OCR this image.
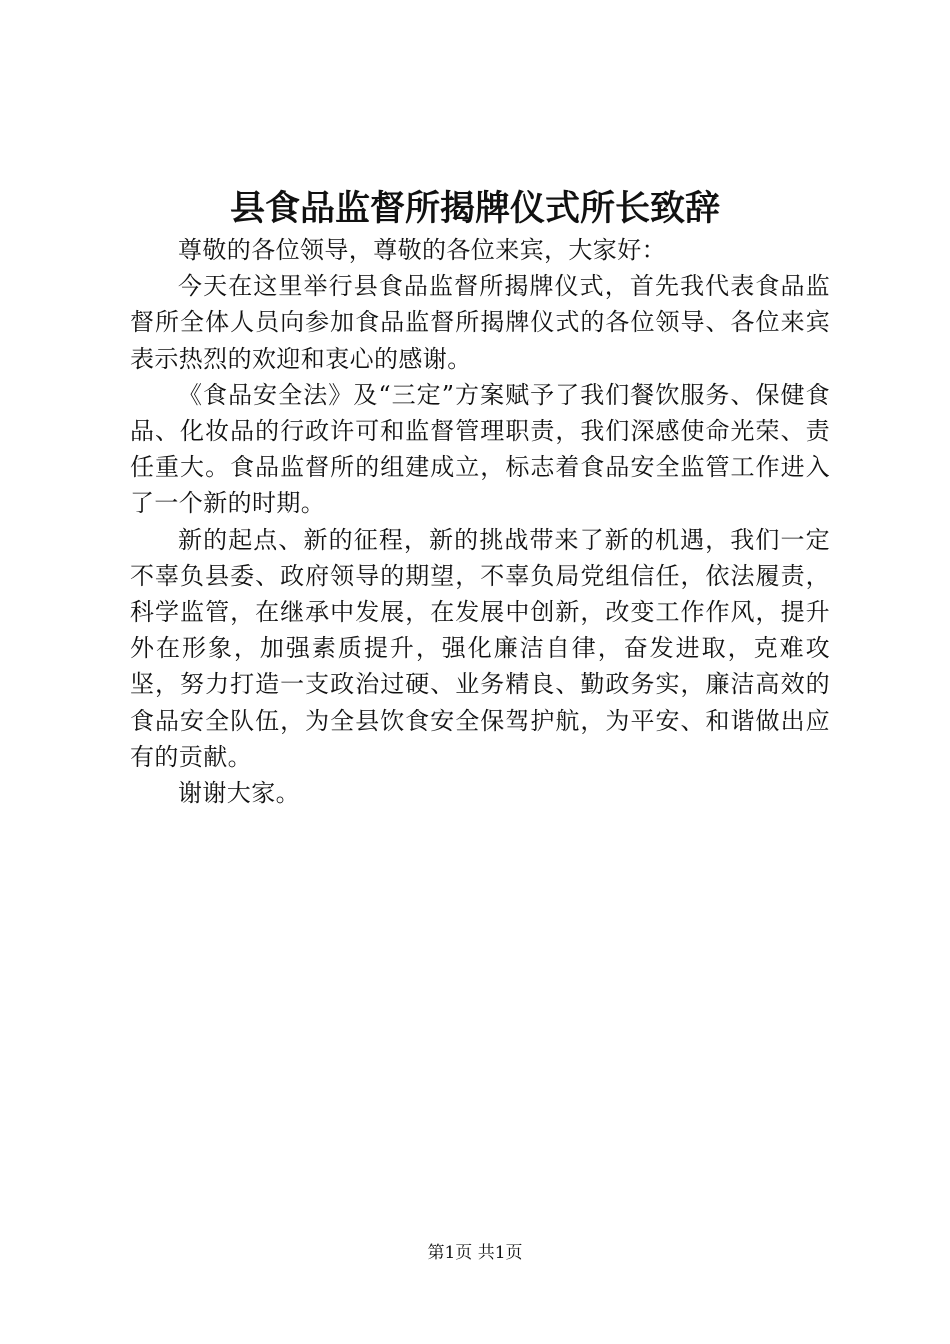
县食品监督所揭牌仪式所长致辞

尊敬的各位领导，尊敬的各位来宾，大家好：

今天在这里举行县食品监督所揭牌仪式，首先我代表食品监督所全体人员向参加食品监督所揭牌仪式的各位领导、各位来宾表示热烈的欢迎和衷心的感谢。

《食品安全法》及“三定”方案赋予了我们餐饮服务、保健食品、化妆品的行政许可和监督管理职责，我们深感使命光荣、责任重大。食品监督所的组建成立，标志着食品安全监管工作进入了一个新的时期。

新的起点、新的征程，新的挑战带来了新的机遇，我们一定不辜负县委、政府领导的期望，不辜负局党组信任，依法履责，科学监管，在继承中发展，在发展中创新，改变工作作风，提升外在形象，加强素质提升，强化廉洁自律，奋发进取，克难攻坚，努力打造一支政治过硬、业务精良、勤政务实，廉洁高效的食品安全队伍，为全县饮食安全保驾护航，为平安、和谐做出应有的贡献。

谢谢大家。

第1页 共1页
